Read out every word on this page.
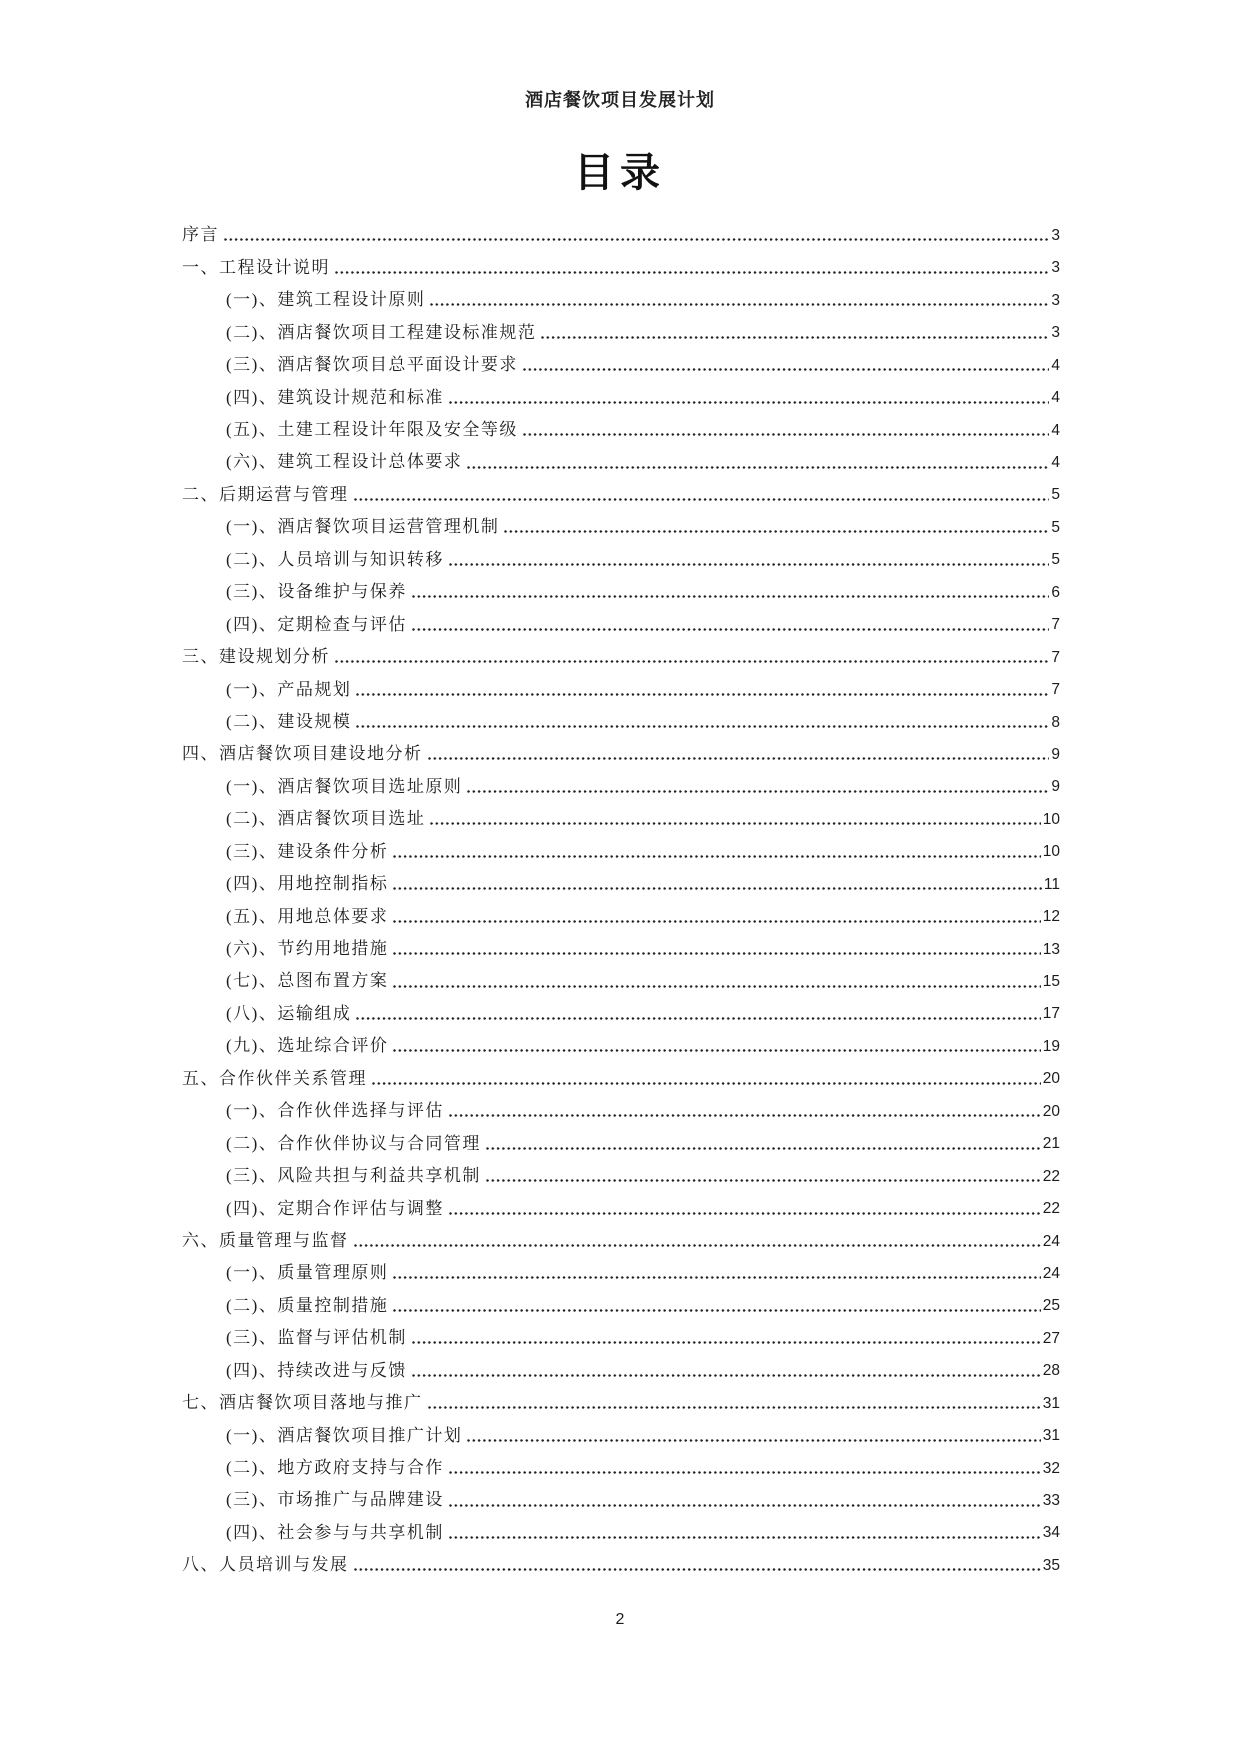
酒店餐饮项目发展计划
目录
序言	3
一、工程设计说明	3
(一)、建筑工程设计原则	3
(二)、酒店餐饮项目工程建设标准规范	3
(三)、酒店餐饮项目总平面设计要求	4
(四)、建筑设计规范和标准	4
(五)、土建工程设计年限及安全等级	4
(六)、建筑工程设计总体要求	4
二、后期运营与管理	5
(一)、酒店餐饮项目运营管理机制	5
(二)、人员培训与知识转移	5
(三)、设备维护与保养	6
(四)、定期检查与评估	7
三、建设规划分析	7
(一)、产品规划	7
(二)、建设规模	8
四、酒店餐饮项目建设地分析	9
(一)、酒店餐饮项目选址原则	9
(二)、酒店餐饮项目选址	10
(三)、建设条件分析	10
(四)、用地控制指标	11
(五)、用地总体要求	12
(六)、节约用地措施	13
(七)、总图布置方案	15
(八)、运输组成	17
(九)、选址综合评价	19
五、合作伙伴关系管理	20
(一)、合作伙伴选择与评估	20
(二)、合作伙伴协议与合同管理	21
(三)、风险共担与利益共享机制	22
(四)、定期合作评估与调整	22
六、质量管理与监督	24
(一)、质量管理原则	24
(二)、质量控制措施	25
(三)、监督与评估机制	27
(四)、持续改进与反馈	28
七、酒店餐饮项目落地与推广	31
(一)、酒店餐饮项目推广计划	31
(二)、地方政府支持与合作	32
(三)、市场推广与品牌建设	33
(四)、社会参与与共享机制	34
八、人员培训与发展	35
2
